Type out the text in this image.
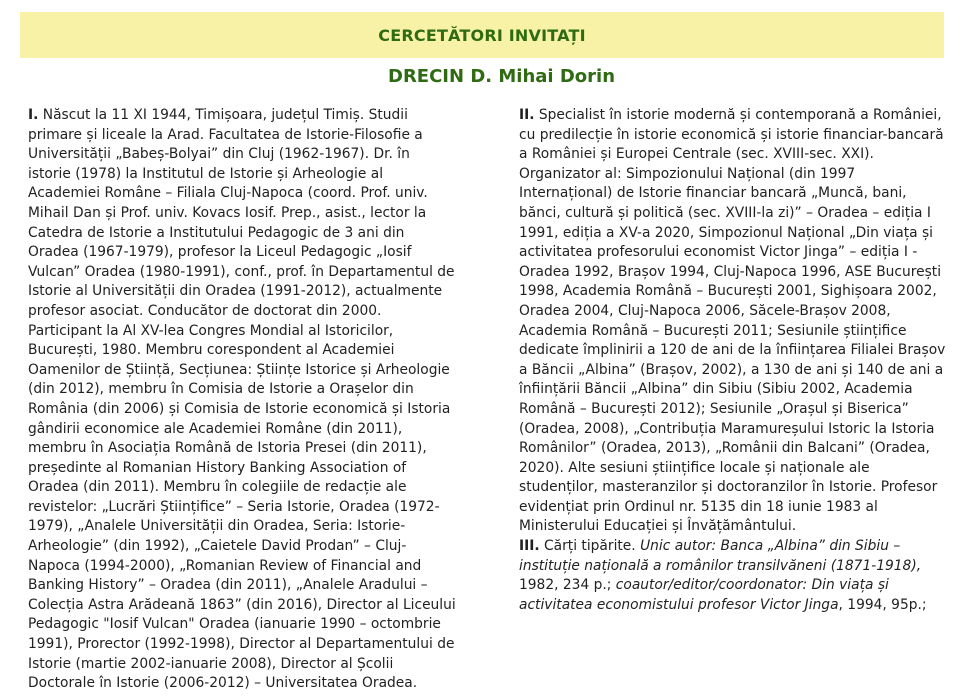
CERCETĂTORI INVITAȚI
DRECIN D. Mihai Dorin

I. Născut la 11 XI 1944, Timișoara, județul Timiș. Studii primare și liceale la Arad. Facultatea de Istorie-Filosofie a Universității „Babeș-Bolyai” din Cluj (1962-1967). Dr. în istorie (1978) la Institutul de Istorie și Arheologie al Academiei Române – Filiala Cluj-Napoca (coord. Prof. univ. Mihail Dan și Prof. univ. Kovacs Iosif. Prep., asist., lector la Catedra de Istorie a Institutului Pedagogic de 3 ani din Oradea (1967-1979), profesor la Liceul Pedagogic „Iosif Vulcan” Oradea (1980-1991), conf., prof. în Departamentul de Istorie al Universității din Oradea (1991-2012), actualmente profesor asociat. Conducător de doctorat din 2000. Participant la Al XV-lea Congres Mondial al Istoricilor, București, 1980. Membru corespondent al Academiei Oamenilor de Știință, Secțiunea: Științe Istorice și Arheologie (din 2012), membru în Comisia de Istorie a Orașelor din România (din 2006) și Comisia de Istorie economică și Istoria gândirii economice ale Academiei Române (din 2011), membru în Asociația Română de Istoria Presei (din 2011), președinte al Romanian History Banking Association of Oradea (din 2011). Membru în colegiile de redacție ale revistelor: „Lucrări Științifice” – Seria Istorie, Oradea (1972-1979), „Analele Universității din Oradea, Seria: Istorie-Arheologie” (din 1992), „Caietele David Prodan” – Cluj-Napoca (1994-2000), „Romanian Review of Financial and Banking History” – Oradea (din 2011), „Analele Aradului – Colecția Astra Arădeană 1863” (din 2016), Director al Liceului Pedagogic "Iosif Vulcan" Oradea (ianuarie 1990 – octombrie 1991), Prorector (1992-1998), Director al Departamentului de Istorie (martie 2002-ianuarie 2008), Director al Școlii Doctorale în Istorie (2006-2012) – Universitatea Oradea.

II. Specialist în istorie modernă și contemporană a României, cu predilecție în istorie economică și istorie financiar-bancară a României și Europei Centrale (sec. XVIII-sec. XXI). Organizator al: Simpozionului Național (din 1997 Internațional) de Istorie financiar bancară „Muncă, bani, bănci, cultură și politică (sec. XVIII-la zi)” – Oradea – ediția I 1991, ediția a XV-a 2020, Simpozionul Național „Din viața și activitatea profesorului economist Victor Jinga” – ediția I - Oradea 1992, Brașov 1994, Cluj-Napoca 1996, ASE București 1998, Academia Română – București 2001, Sighișoara 2002, Oradea 2004, Cluj-Napoca 2006, Săcele-Brașov 2008, Academia Română – București 2011; Sesiunile științifice dedicate împlinirii a 120 de ani de la înființarea Filialei Brașov a Băncii „Albina” (Brașov, 2002), a 130 de ani și 140 de ani a înființării Băncii „Albina” din Sibiu (Sibiu 2002, Academia Română – București 2012); Sesiunile „Orașul și Biserica” (Oradea, 2008), „Contribuția Maramureșului Istoric la Istoria Românilor” (Oradea, 2013), „Românii din Balcani” (Oradea, 2020). Alte sesiuni științifice locale și naționale ale studenților, masteranzilor și doctoranzilor în Istorie. Profesor evidențiat prin Ordinul nr. 5135 din 18 iunie 1983 al Ministerului Educației și Învățământului.

III. Cărți tipărite. Unic autor: Banca „Albina” din Sibiu – instituție națională a românilor transilvăneni (1871-1918), 1982, 234 p.; coautor/editor/coordonator: Din viața și activitatea economistului profesor Victor Jinga, 1994, 95p.;
